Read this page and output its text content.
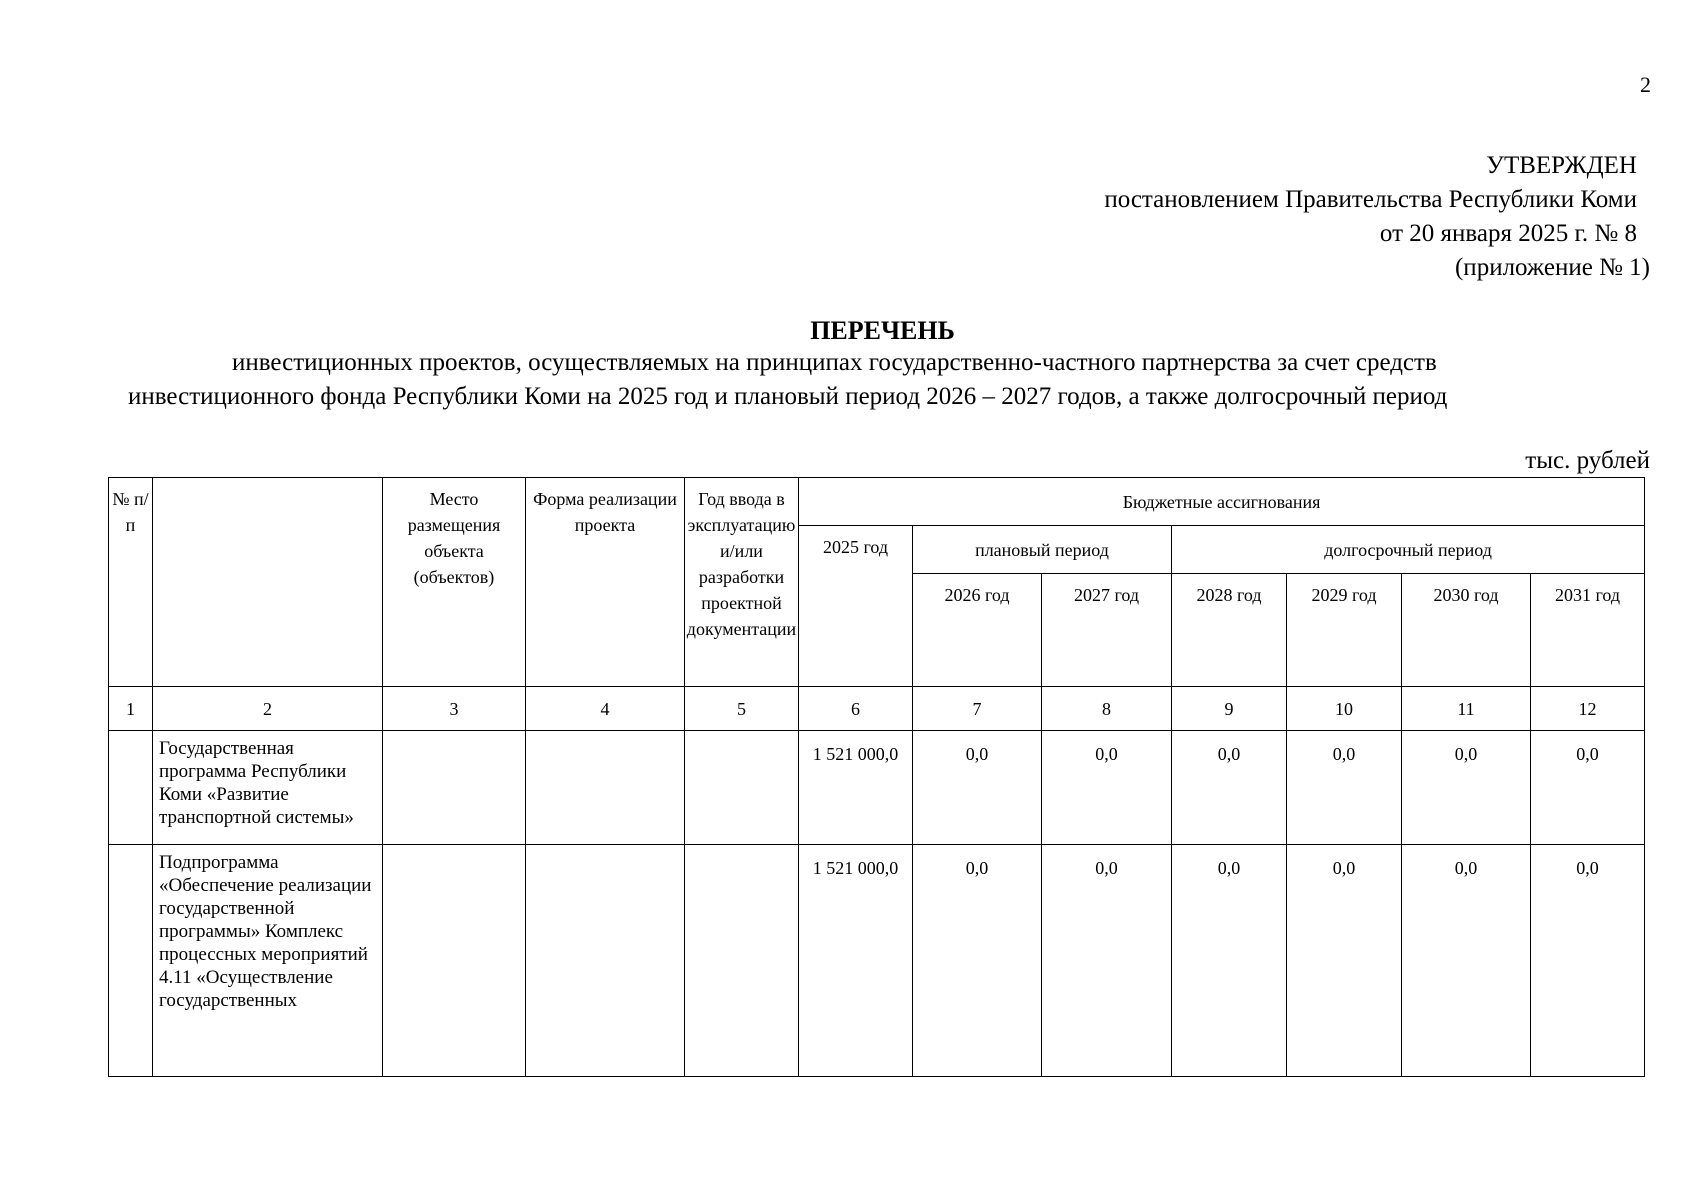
2
УТВЕРЖДЕН
постановлением Правительства Республики Коми
от 20 января 2025 г. № 8
(приложение № 1)
ПЕРЕЧЕНЬ
инвестиционных проектов, осуществляемых на принципах государственно-частного партнерства за счет средств
инвестиционного фонда Республики Коми на 2025 год и плановый период 2026 – 2027 годов, а также долгосрочный период
тыс. рублей
№ п/п		Место размещения объекта (объектов)	Форма реализации проекта	Год ввода в эксплуатацию и/или разработки проектной документации	Бюджетные ассигнования						
					2025 год	плановый период		долгосрочный период			
						2026 год	2027 год	2028 год	2029 год	2030 год	2031 год
1	2	3	4	5	6	7	8	9	10	11	12
	Государственная программа Республики Коми «Развитие транспортной системы»				1 521 000,0	0,0	0,0	0,0	0,0	0,0	0,0
	Подпрограмма «Обеспечение реализации государственной программы» Комплекс процессных мероприятий 4.11 «Осуществление государственных				1 521 000,0	0,0	0,0	0,0	0,0	0,0	0,0
